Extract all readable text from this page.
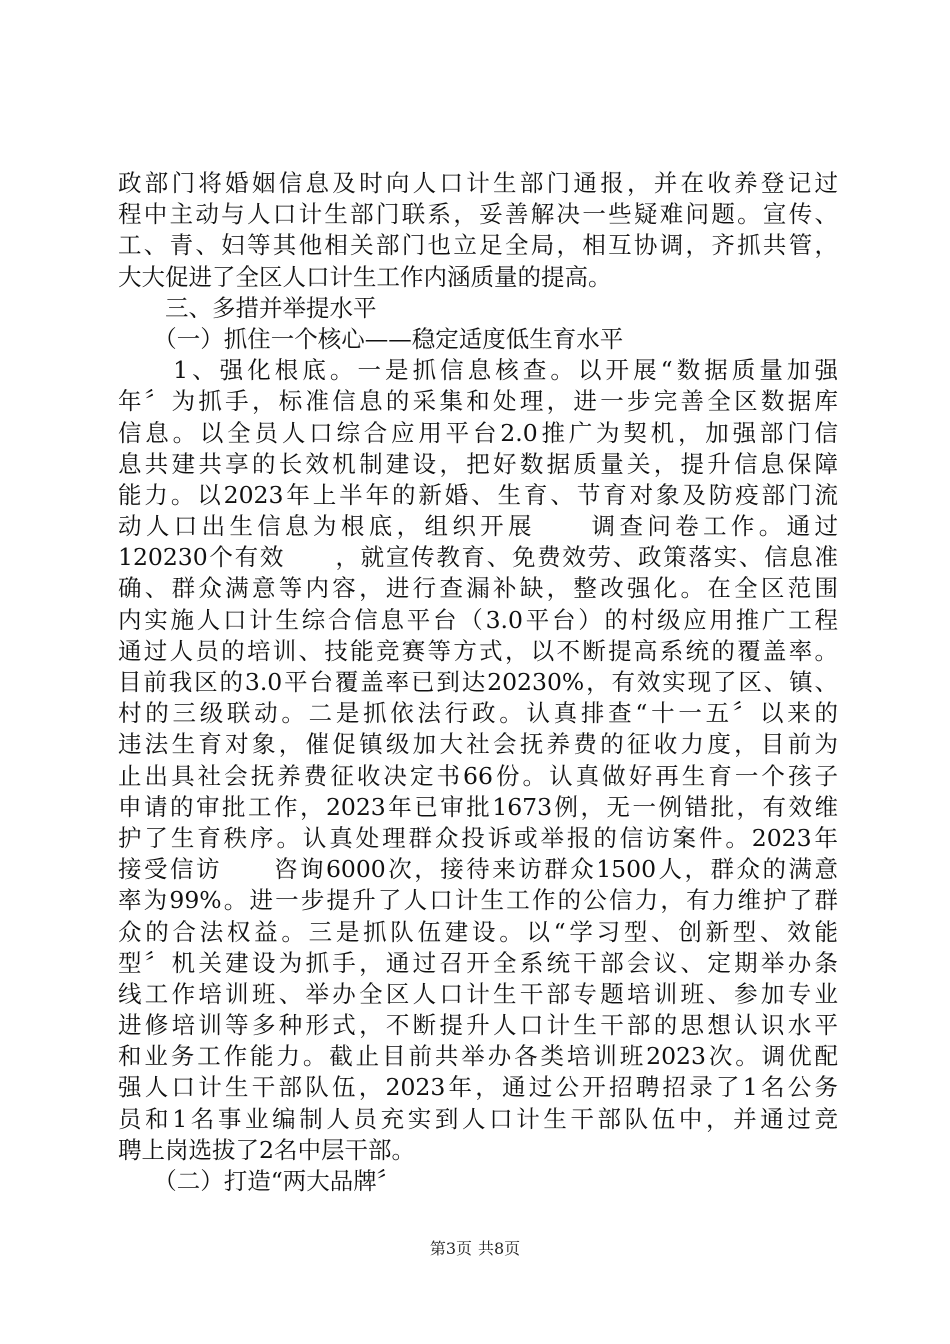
政部门将婚姻信息及时向人口计生部门通报，并在收养登记过
程中主动与人口计生部门联系，妥善解决一些疑难问题。宣传、
工、青、妇等其他相关部门也立足全局，相互协调，齐抓共管，
大大促进了全区人口计生工作内涵质量的提高。
　　三、多措并举提水平
　　（一）抓住一个核心——稳定适度低生育水平
　　1、强化根底。一是抓信息核查。以开展“数据质量加强
年〞为抓手，标准信息的采集和处理，进一步完善全区数据库
信息。以全员人口综合应用平台2.0推广为契机，加强部门信
息共建共享的长效机制建设，把好数据质量关，提升信息保障
能力。以2023年上半年的新婚、生育、节育对象及防疫部门流
动人口出生信息为根底，组织开展　　调查问卷工作。通过
120230个有效　　，就宣传教育、免费效劳、政策落实、信息准
确、群众满意等内容，进行查漏补缺，整改强化。在全区范围
内实施人口计生综合信息平台（3.0平台）的村级应用推广工程
通过人员的培训、技能竞赛等方式，以不断提高系统的覆盖率。
目前我区的3.0平台覆盖率已到达20230%，有效实现了区、镇、
村的三级联动。二是抓依法行政。认真排查“十一五〞以来的
违法生育对象，催促镇级加大社会抚养费的征收力度，目前为
止出具社会抚养费征收决定书66份。认真做好再生育一个孩子
申请的审批工作，2023年已审批1673例，无一例错批，有效维
护了生育秩序。认真处理群众投诉或举报的信访案件。2023年
接受信访　　咨询6000次，接待来访群众1500人，群众的满意
率为99%。进一步提升了人口计生工作的公信力，有力维护了群
众的合法权益。三是抓队伍建设。以“学习型、创新型、效能
型〞机关建设为抓手，通过召开全系统干部会议、定期举办条
线工作培训班、举办全区人口计生干部专题培训班、参加专业
进修培训等多种形式，不断提升人口计生干部的思想认识水平
和业务工作能力。截止目前共举办各类培训班2023次。调优配
强人口计生干部队伍，2023年，通过公开招聘招录了1名公务
员和1名事业编制人员充实到人口计生干部队伍中，并通过竞
聘上岗选拔了2名中层干部。
　　（二）打造“两大品牌〞
第3页 共8页
